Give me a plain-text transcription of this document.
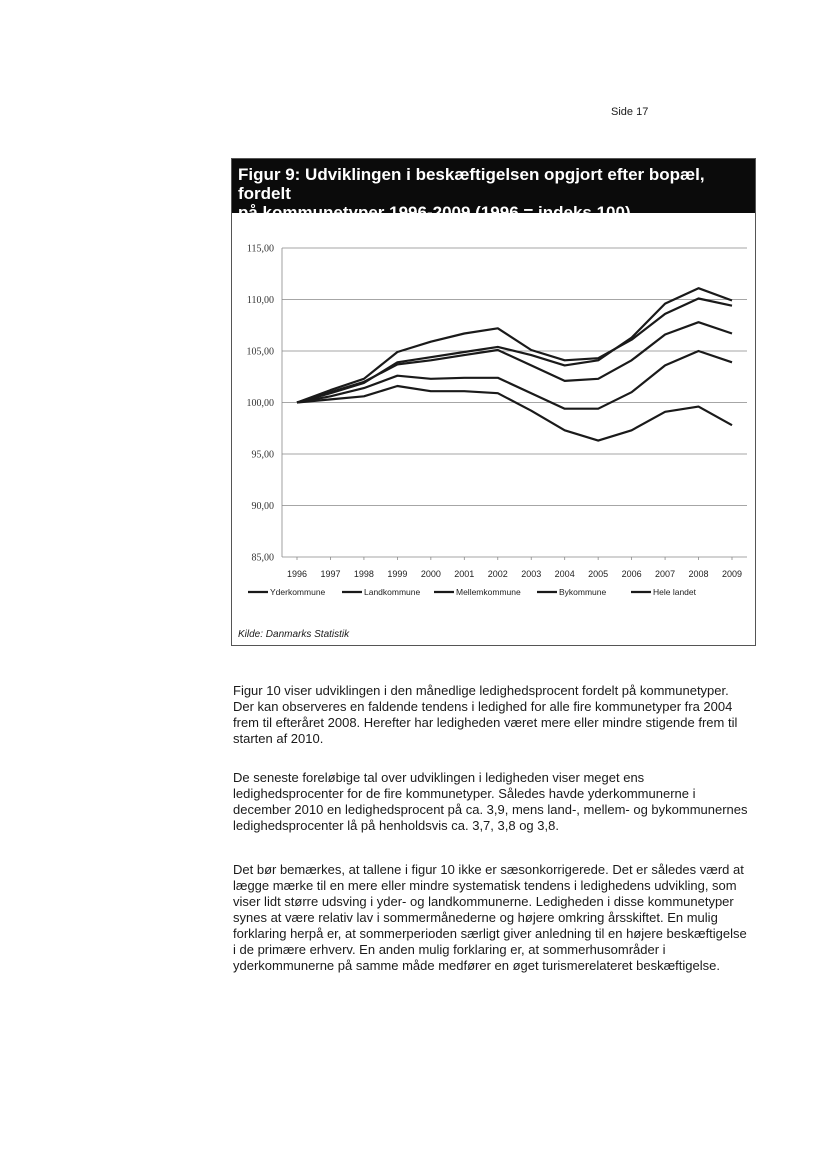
Side 17
Figur 9: Udviklingen i beskæftigelsen opgjort efter bopæl, fordelt
på kommunetyper 1996-2009 (1996 = indeks 100)
85,00
90,00
95,00
100,00
105,00
110,00
115,00
1996 1997 1998 1999 2000 2001 2002 2003 2004 2005 2006 2007 2008 2009
Yderkommune	Landkommune	Mellemkommune	Bykommune	Hele landet
Kilde: Danmarks Statistik

Figur 10 viser udviklingen i den månedlige ledighedsprocent fordelt på kommunetyper. Der kan observeres en faldende tendens i ledighed for alle fire kommunetyper fra 2004 frem til efteråret 2008. Herefter har ledigheden været mere eller mindre stigende frem til starten af 2010.

De seneste foreløbige tal over udviklingen i ledigheden viser meget ens ledighedsprocenter for de fire kommunetyper. Således havde yderkommunerne i december 2010 en ledighedsprocent på ca. 3,9, mens land-, mellem- og bykommunernes ledighedsprocenter lå på henholdsvis ca. 3,7, 3,8 og 3,8.

Det bør bemærkes, at tallene i figur 10 ikke er sæsonkorrigerede. Det er således værd at lægge mærke til en mere eller mindre systematisk tendens i ledighedens udvikling, som viser lidt større udsving i yder- og landkommunerne. Ledigheden i disse kommunetyper synes at være relativ lav i sommermånederne og højere omkring årsskiftet. En mulig forklaring herpå er, at sommerperioden særligt giver anledning til en højere beskæftigelse i de primære erhverv. En anden mulig forklaring er, at sommerhusområder i yderkommunerne på samme måde medfører en øget turismerelateret beskæftigelse.
